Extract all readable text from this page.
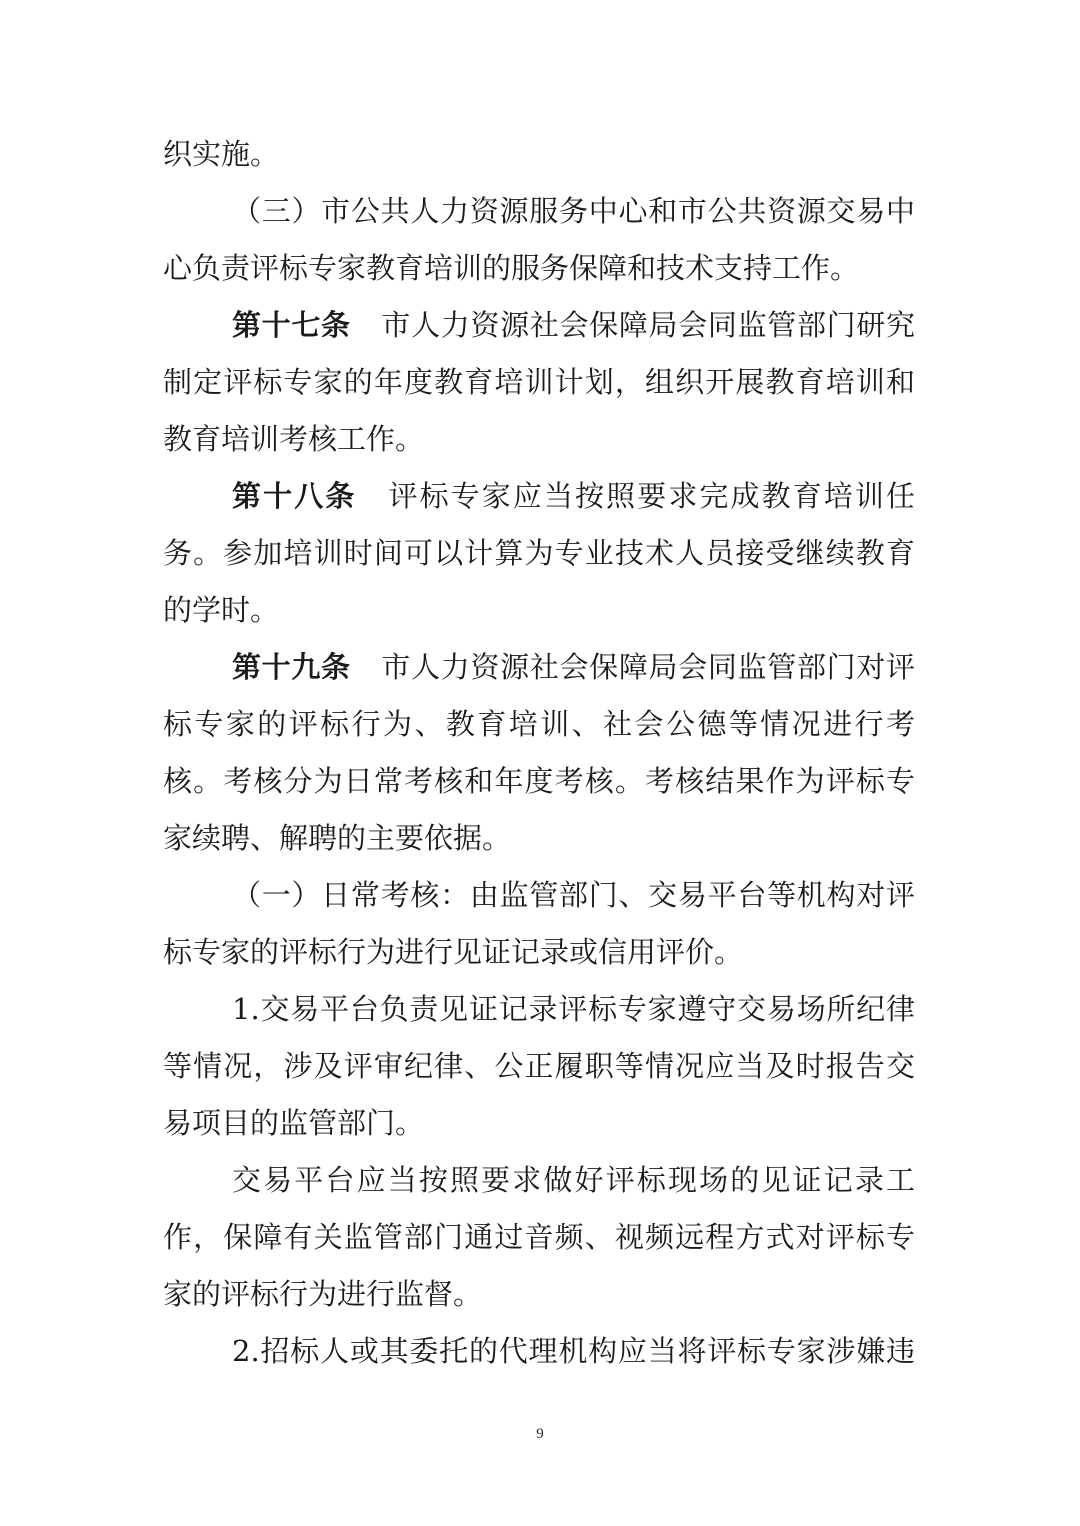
织实施。
（三）市公共人力资源服务中心和市公共资源交易中
心负责评标专家教育培训的服务保障和技术支持工作。
第十七条 市人力资源社会保障局会同监管部门研究
制定评标专家的年度教育培训计划，组织开展教育培训和
教育培训考核工作。
第十八条 评标专家应当按照要求完成教育培训任
务。参加培训时间可以计算为专业技术人员接受继续教育
的学时。
第十九条 市人力资源社会保障局会同监管部门对评
标专家的评标行为、教育培训、社会公德等情况进行考
核。考核分为日常考核和年度考核。考核结果作为评标专
家续聘、解聘的主要依据。
（一）日常考核：由监管部门、交易平台等机构对评
标专家的评标行为进行见证记录或信用评价。
1.交易平台负责见证记录评标专家遵守交易场所纪律
等情况，涉及评审纪律、公正履职等情况应当及时报告交
易项目的监管部门。
交易平台应当按照要求做好评标现场的见证记录工
作，保障有关监管部门通过音频、视频远程方式对评标专
家的评标行为进行监督。
2.招标人或其委托的代理机构应当将评标专家涉嫌违
9
